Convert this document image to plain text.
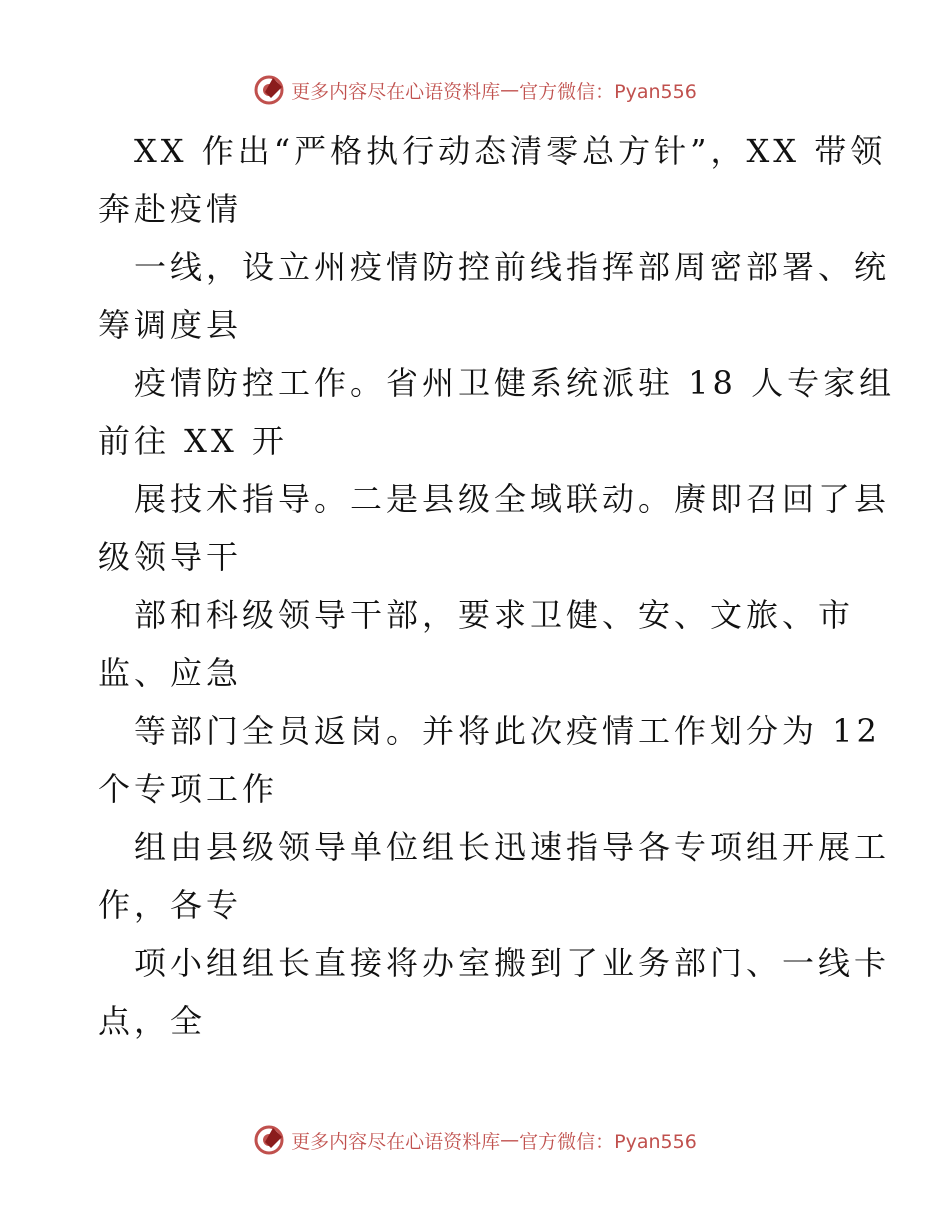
更多内容尽在心语资料库 — 官方微信：Pyan556

XX 作出“严格执行动态清零总方针”，XX 带领
奔赴疫情

一线，设立州疫情防控前线指挥部周密部署、统
筹调度县

疫情防控工作。省州卫健系统派驻 18 人专家组
前往 XX 开

展技术指导。二是县级全域联动。赓即召回了县
级领导干

部和科级领导干部，要求卫健、安、文旅、市
监、应急

等部门全员返岗。并将此次疫情工作划分为 12
个专项工作

组由县级领导单位组长迅速指导各专项组开展工
作，各专

项小组组长直接将办室搬到了业务部门、一线卡
点，全

更多内容尽在心语资料库 — 官方微信：Pyan556
